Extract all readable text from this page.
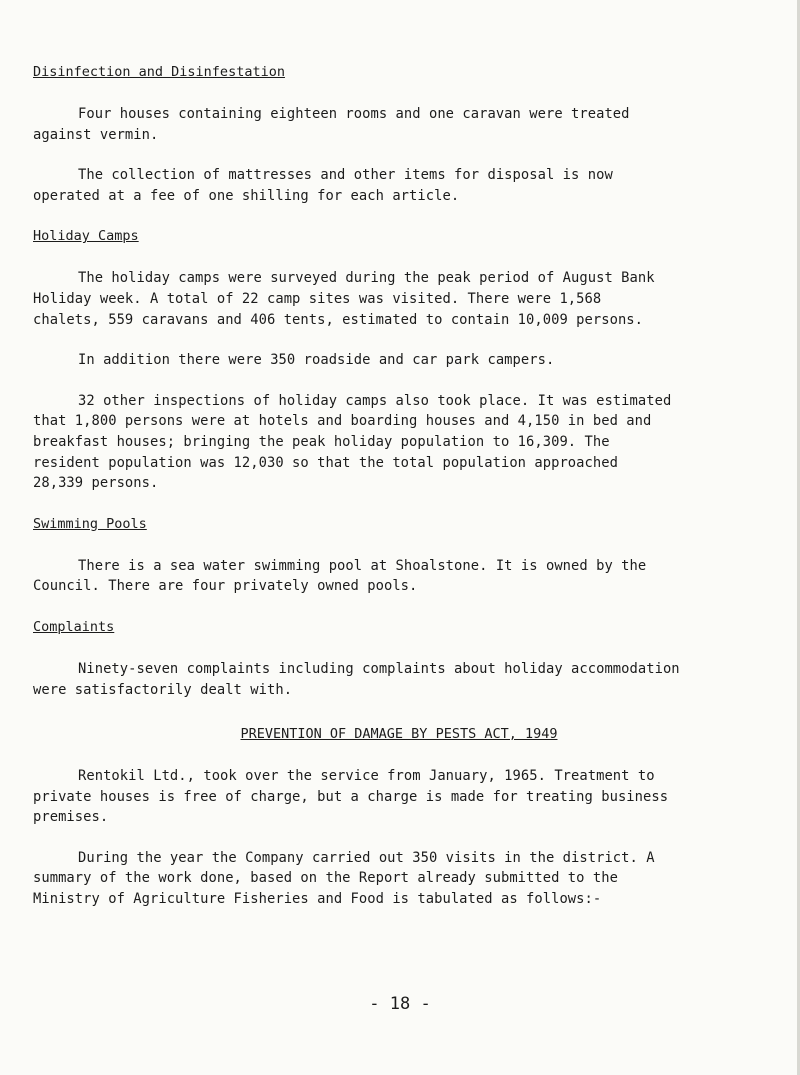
Disinfection and Disinfestation
Four houses containing eighteen rooms and one caravan were treated
against vermin.
The collection of mattresses and other items for disposal is now
operated at a fee of one shilling for each article.
Holiday Camps
The holiday camps were surveyed during the peak period of August Bank
Holiday week. A total of 22 camp sites was visited. There were 1,568
chalets, 559 caravans and 406 tents, estimated to contain 10,009 persons.
In addition there were 350 roadside and car park campers.
32 other inspections of holiday camps also took place. It was estimated
that 1,800 persons were at hotels and boarding houses and 4,150 in bed and
breakfast houses; bringing the peak holiday population to 16,309. The
resident population was 12,030 so that the total population approached
28,339 persons.
Swimming Pools
There is a sea water swimming pool at Shoalstone. It is owned by the
Council. There are four privately owned pools.
Complaints
Ninety-seven complaints including complaints about holiday accommodation
were satisfactorily dealt with.
PREVENTION OF DAMAGE BY PESTS ACT, 1949
Rentokil Ltd., took over the service from January, 1965. Treatment to
private houses is free of charge, but a charge is made for treating business
premises.
During the year the Company carried out 350 visits in the district. A
summary of the work done, based on the Report already submitted to the
Ministry of Agriculture Fisheries and Food is tabulated as follows:-
- 18 -
